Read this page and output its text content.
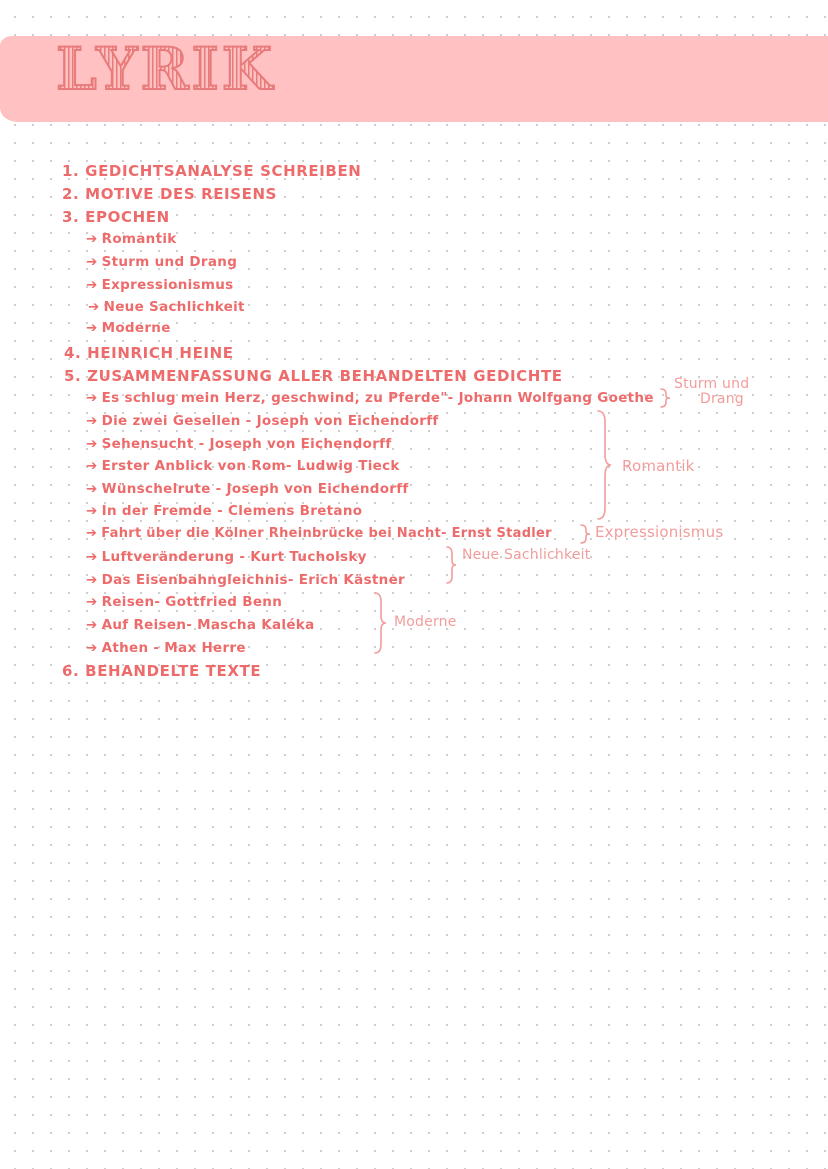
LYRIK
1. GEDICHTSANALYSE SCHREIBEN
2. MOTIVE DES REISENS
3. EPOCHEN
➔ Romantik
➔ Sturm und Drang
➔ Expressionismus
➔ Neue Sachlichkeit
➔ Moderne
4. HEINRICH HEINE
5. ZUSAMMENFASSUNG ALLER BEHANDELTEN GEDICHTE
➔ Es schlug mein Herz, geschwind, zu Pferde"- Johann Wolfgang Goethe
➔ Die zwei Gesellen - Joseph von Eichendorff
➔ Sehensucht - Joseph von Eichendorff
➔ Erster Anblick von Rom- Ludwig Tieck
➔ Wünschelrute - Joseph von Eichendorff
➔ In der Fremde - Clemens Bretano
➔ Fahrt über die Kölner Rheinbrücke bei Nacht- Ernst Stadler
➔ Luftveränderung - Kurt Tucholsky
➔ Das Eisenbahngleichnis- Erich Kästner
➔ Reisen- Gottfried Benn
➔ Auf Reisen- Mascha Kaléka
➔ Athen - Max Herre
6. BEHANDELTE TEXTE
Sturm und
Drang
Romantik
Expressionismus
Neue Sachlichkeit
Moderne
